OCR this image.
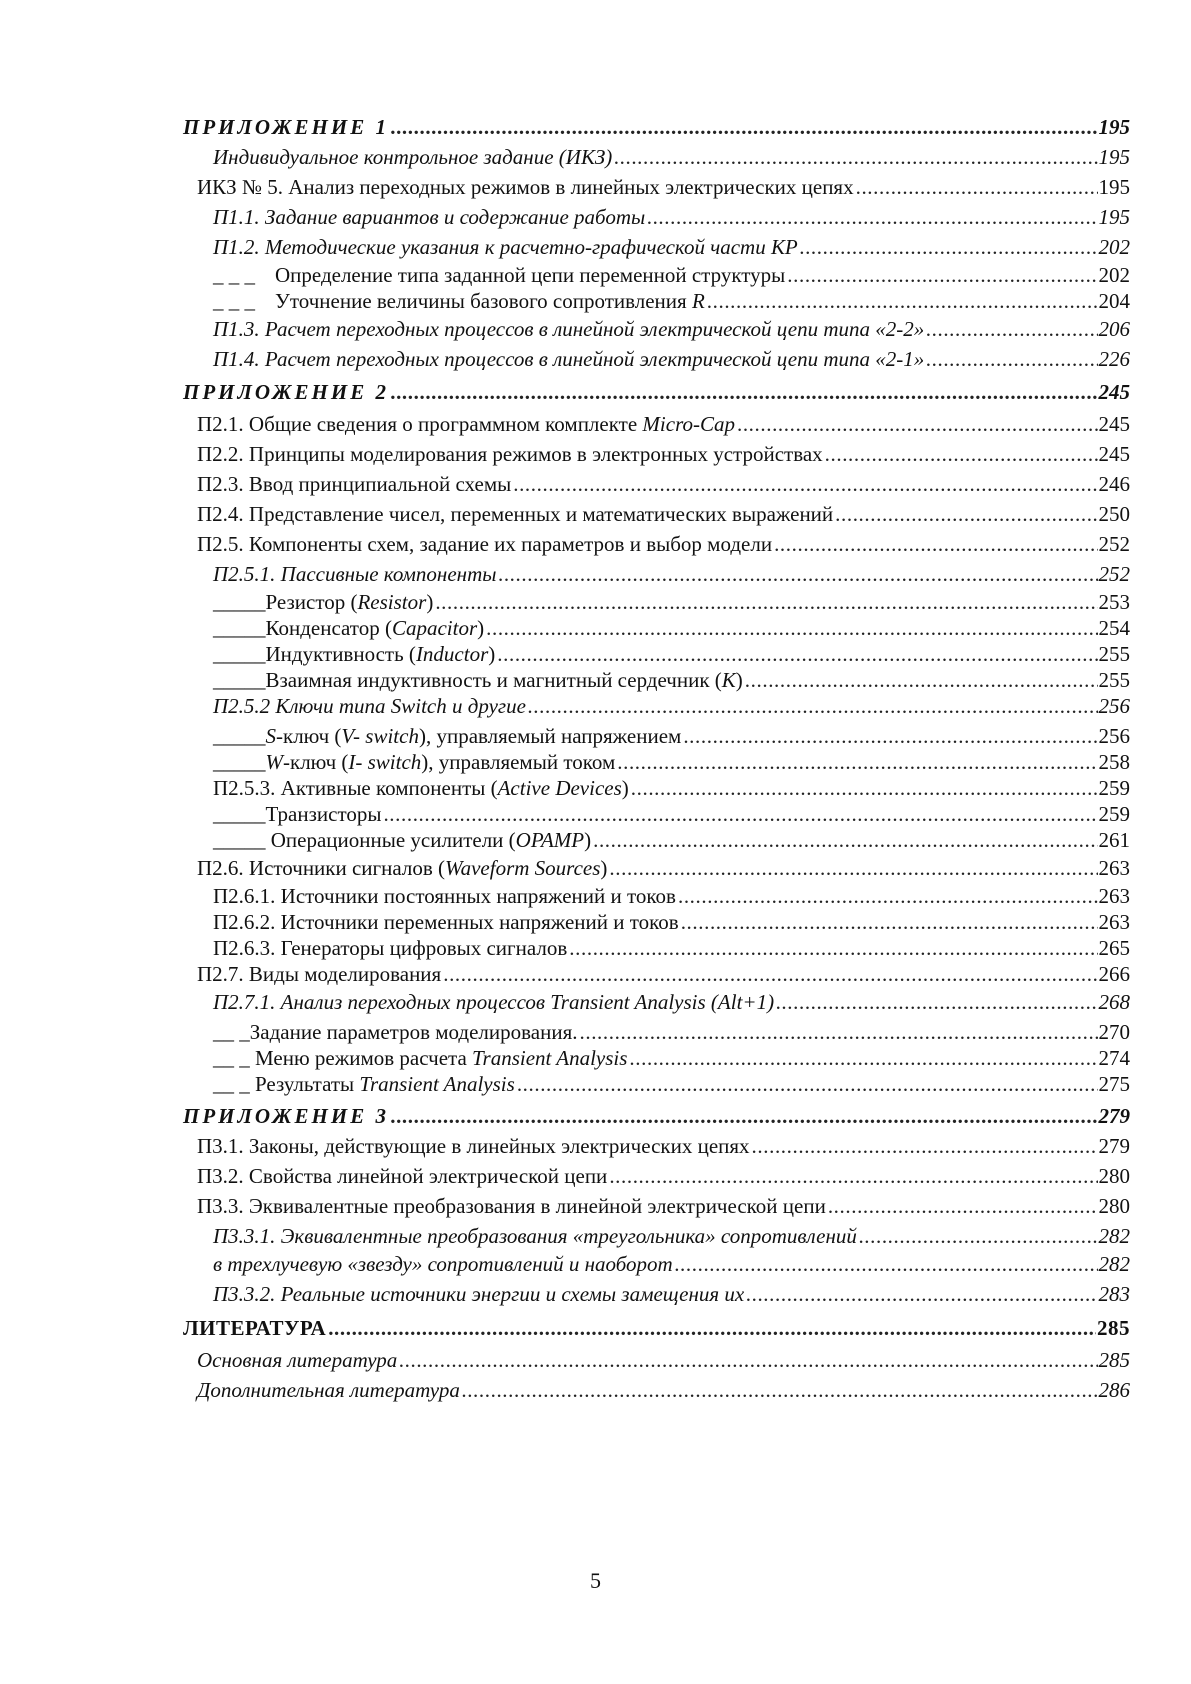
ПРИЛОЖЕНИЕ 1 .....	195
Индивидуальное контрольное задание (ИКЗ) .....	195
ИКЗ № 5. Анализ переходных режимов в линейных электрических цепях .....	195
П1.1. Задание вариантов и содержание работы .....	195
П1.2. Методические указания к расчетно-графической части КР .....	202
_ _ _ Определение типа заданной цепи переменной структуры .....	202
_ _ _ Уточнение величины базового сопротивления R .....	204
П1.3. Расчет переходных процессов в линейной электрической цепи типа «2-2» .....	206
П1.4. Расчет переходных процессов в линейной электрической цепи типа «2-1» .....	226
ПРИЛОЖЕНИЕ 2 .....	245
П2.1. Общие сведения о программном комплекте Micro-Cap .....	245
П2.2. Принципы моделирования режимов в электронных устройствах .....	245
П2.3. Ввод принципиальной схемы .....	246
П2.4. Представление чисел, переменных и математических выражений .....	250
П2.5. Компоненты схем, задание их параметров и выбор модели .....	252
П2.5.1. Пассивные компоненты .....	252
_____Резистор (Resistor) .....	253
_____Конденсатор (Capacitor) .....	254
_____Индуктивность (Inductor) .....	255
_____Взаимная индуктивность и магнитный сердечник (K) .....	255
П2.5.2 Ключи типа Switch и другие .....	256
_____S-ключ (V- switch), управляемый напряжением .....	256
_____W-ключ (I- switch), управляемый током .....	258
П2.5.3. Активные компоненты (Active Devices) .....	259
_____Транзисторы .....	259
_____ Операционные усилители (OPAMP) .....	261
П2.6. Источники сигналов (Waveform Sources) .....	263
П2.6.1. Источники постоянных напряжений и токов .....	263
П2.6.2. Источники переменных напряжений и токов .....	263
П2.6.3. Генераторы цифровых сигналов .....	265
П2.7. Виды моделирования .....	266
П2.7.1. Анализ переходных процессов Transient Analysis (Alt+1) .....	268
__ _Задание параметров моделирования. .....	270
__ _ Меню режимов расчета Transient Analysis .....	274
__ _ Результаты Transient Analysis .....	275
ПРИЛОЖЕНИЕ 3 .....	279
П3.1. Законы, действующие в линейных электрических цепях .....	279
П3.2. Свойства линейной электрической цепи .....	280
П3.3. Эквивалентные преобразования в линейной электрической цепи .....	280
П3.3.1. Эквивалентные преобразования «треугольника» сопротивлений .....	282
в трехлучевую «звезду» сопротивлений и наоборот .....	282
П3.3.2. Реальные источники энергии и схемы замещения их .....	283
ЛИТЕРАТУРА .....	285
Основная литература .....	285
Дополнительная литература .....	286
5
